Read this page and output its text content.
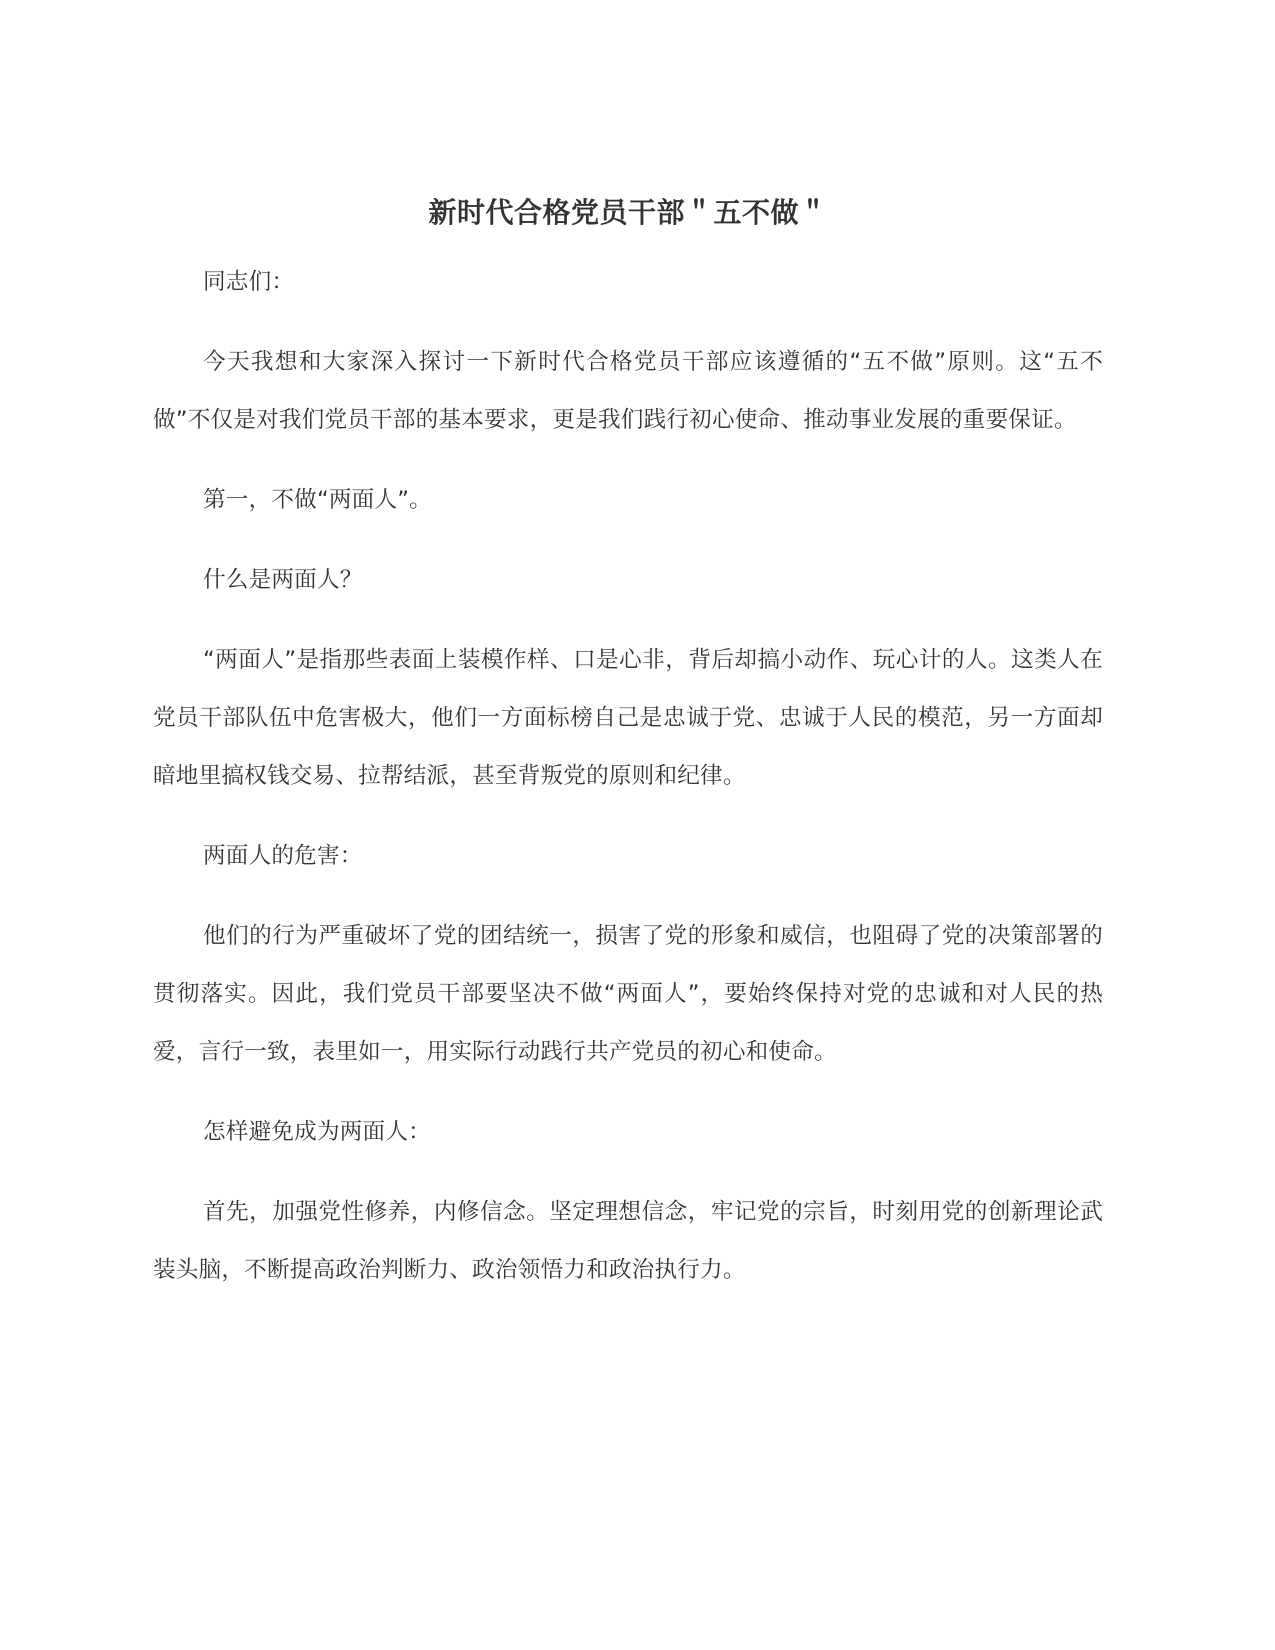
新时代合格党员干部＂五不做＂

同志们：

今天我想和大家深入探讨一下新时代合格党员干部应该遵循的“五不做”原则。这“五不做”不仅是对我们党员干部的基本要求，更是我们践行初心使命、推动事业发展的重要保证。

第一，不做“两面人”。

什么是两面人？

“两面人”是指那些表面上装模作样、口是心非，背后却搞小动作、玩心计的人。这类人在党员干部队伍中危害极大，他们一方面标榜自己是忠诚于党、忠诚于人民的模范，另一方面却暗地里搞权钱交易、拉帮结派，甚至背叛党的原则和纪律。

两面人的危害：

他们的行为严重破坏了党的团结统一，损害了党的形象和威信，也阻碍了党的决策部署的贯彻落实。因此，我们党员干部要坚决不做“两面人”，要始终保持对党的忠诚和对人民的热爱，言行一致，表里如一，用实际行动践行共产党员的初心和使命。

怎样避免成为两面人：

首先，加强党性修养，内修信念。坚定理想信念，牢记党的宗旨，时刻用党的创新理论武装头脑，不断提高政治判断力、政治领悟力和政治执行力。
